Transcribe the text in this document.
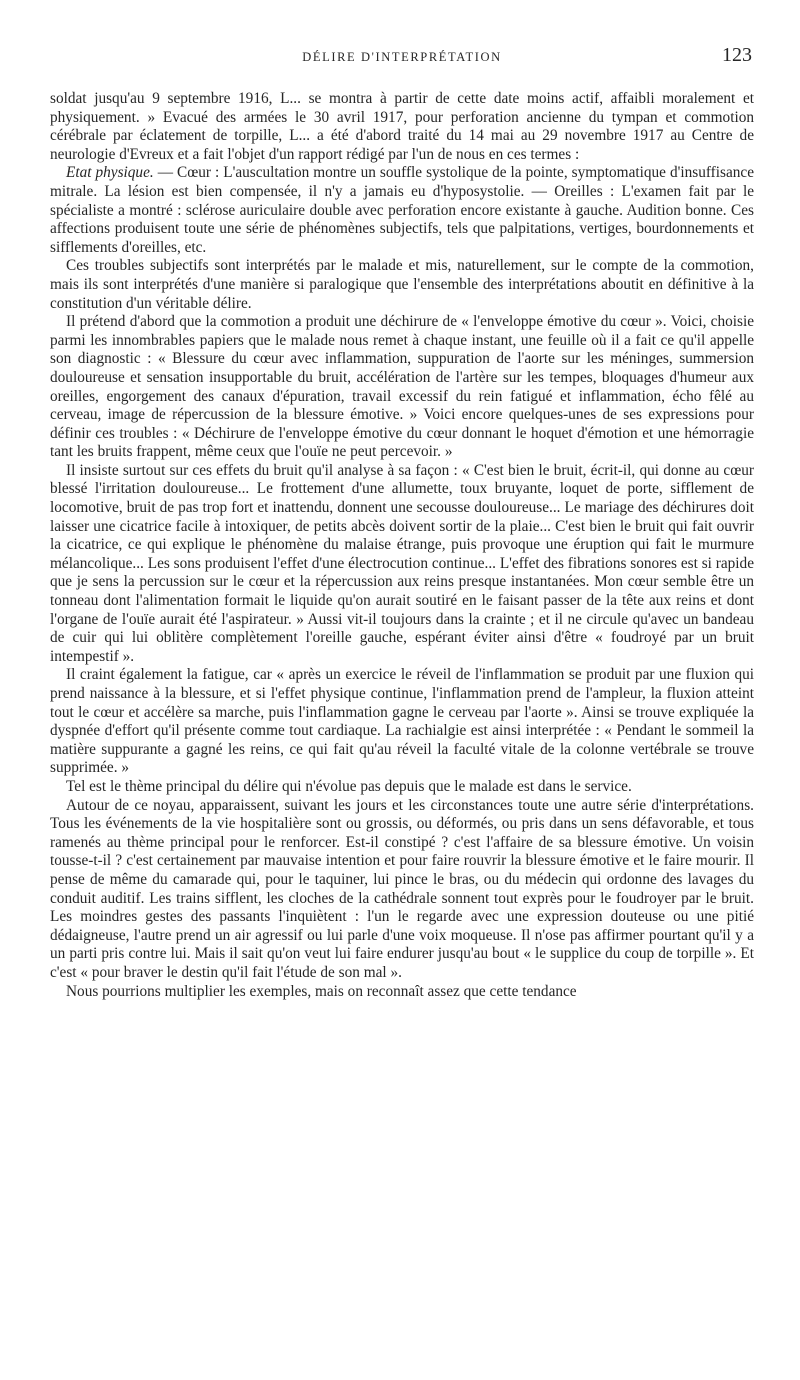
DÉLIRE D'INTERPRÉTATION	123

soldat jusqu'au 9 septembre 1916, L... se montra à partir de cette date moins actif, affaibli moralement et physiquement. » Evacué des armées le 30 avril 1917, pour perforation ancienne du tympan et commotion cérébrale par éclatement de torpille, L... a été d'abord traité du 14 mai au 29 novembre 1917 au Centre de neurologie d'Evreux et a fait l'objet d'un rapport rédigé par l'un de nous en ces termes :

Etat physique. — Cœur : L'auscultation montre un souffle systolique de la pointe, symptomatique d'insuffisance mitrale. La lésion est bien compensée, il n'y a jamais eu d'hyposystolie. — Oreilles : L'examen fait par le spécialiste a montré : sclérose auriculaire double avec perforation encore existante à gauche. Audition bonne. Ces affections produisent toute une série de phénomènes subjectifs, tels que palpitations, vertiges, bourdonnements et sifflements d'oreilles, etc.

Ces troubles subjectifs sont interprétés par le malade et mis, naturellement, sur le compte de la commotion, mais ils sont interprétés d'une manière si paralogique que l'ensemble des interprétations aboutit en définitive à la constitution d'un véritable délire.

Il prétend d'abord que la commotion a produit une déchirure de « l'enveloppe émotive du cœur ». Voici, choisie parmi les innombrables papiers que le malade nous remet à chaque instant, une feuille où il a fait ce qu'il appelle son diagnostic : « Blessure du cœur avec inflammation, suppuration de l'aorte sur les méninges, summersion douloureuse et sensation insupportable du bruit, accélération de l'artère sur les tempes, bloquages d'humeur aux oreilles, engorgement des canaux d'épuration, travail excessif du rein fatigué et inflammation, écho fêlé au cerveau, image de répercussion de la blessure émotive. » Voici encore quelques-unes de ses expressions pour définir ces troubles : « Déchirure de l'enveloppe émotive du cœur donnant le hoquet d'émotion et une hémorragie tant les bruits frappent, même ceux que l'ouïe ne peut percevoir. »

Il insiste surtout sur ces effets du bruit qu'il analyse à sa façon : « C'est bien le bruit, écrit-il, qui donne au cœur blessé l'irritation douloureuse... Le frottement d'une allumette, toux bruyante, loquet de porte, sifflement de locomotive, bruit de pas trop fort et inattendu, donnent une secousse douloureuse... Le mariage des déchirures doit laisser une cicatrice facile à intoxiquer, de petits abcès doivent sortir de la plaie... C'est bien le bruit qui fait ouvrir la cicatrice, ce qui explique le phénomène du malaise étrange, puis provoque une éruption qui fait le murmure mélancolique... Les sons produisent l'effet d'une électrocution continue... L'effet des fibrations sonores est si rapide que je sens la percussion sur le cœur et la répercussion aux reins presque instantanées. Mon cœur semble être un tonneau dont l'alimentation formait le liquide qu'on aurait soutiré en le faisant passer de la tête aux reins et dont l'organe de l'ouïe aurait été l'aspirateur. » Aussi vit-il toujours dans la crainte ; et il ne circule qu'avec un bandeau de cuir qui lui oblitère complètement l'oreille gauche, espérant éviter ainsi d'être « foudroyé par un bruit intempestif ».

Il craint également la fatigue, car « après un exercice le réveil de l'inflammation se produit par une fluxion qui prend naissance à la blessure, et si l'effet physique continue, l'inflammation prend de l'ampleur, la fluxion atteint tout le cœur et accélère sa marche, puis l'inflammation gagne le cerveau par l'aorte ». Ainsi se trouve expliquée la dyspnée d'effort qu'il présente comme tout cardiaque. La rachialgie est ainsi interprétée : « Pendant le sommeil la matière suppurante a gagné les reins, ce qui fait qu'au réveil la faculté vitale de la colonne vertébrale se trouve supprimée. »

Tel est le thème principal du délire qui n'évolue pas depuis que le malade est dans le service.

Autour de ce noyau, apparaissent, suivant les jours et les circonstances toute une autre série d'interprétations. Tous les événements de la vie hospitalière sont ou grossis, ou déformés, ou pris dans un sens défavorable, et tous ramenés au thème principal pour le renforcer. Est-il constipé ? c'est l'affaire de sa blessure émotive. Un voisin tousse-t-il ? c'est certainement par mauvaise intention et pour faire rouvrir la blessure émotive et le faire mourir. Il pense de même du camarade qui, pour le taquiner, lui pince le bras, ou du médecin qui ordonne des lavages du conduit auditif. Les trains sifflent, les cloches de la cathédrale sonnent tout exprès pour le foudroyer par le bruit. Les moindres gestes des passants l'inquiètent : l'un le regarde avec une expression douteuse ou une pitié dédaigneuse, l'autre prend un air agressif ou lui parle d'une voix moqueuse. Il n'ose pas affirmer pourtant qu'il y a un parti pris contre lui. Mais il sait qu'on veut lui faire endurer jusqu'au bout « le supplice du coup de torpille ». Et c'est « pour braver le destin qu'il fait l'étude de son mal ».

Nous pourrions multiplier les exemples, mais on reconnaît assez que cette tendance
